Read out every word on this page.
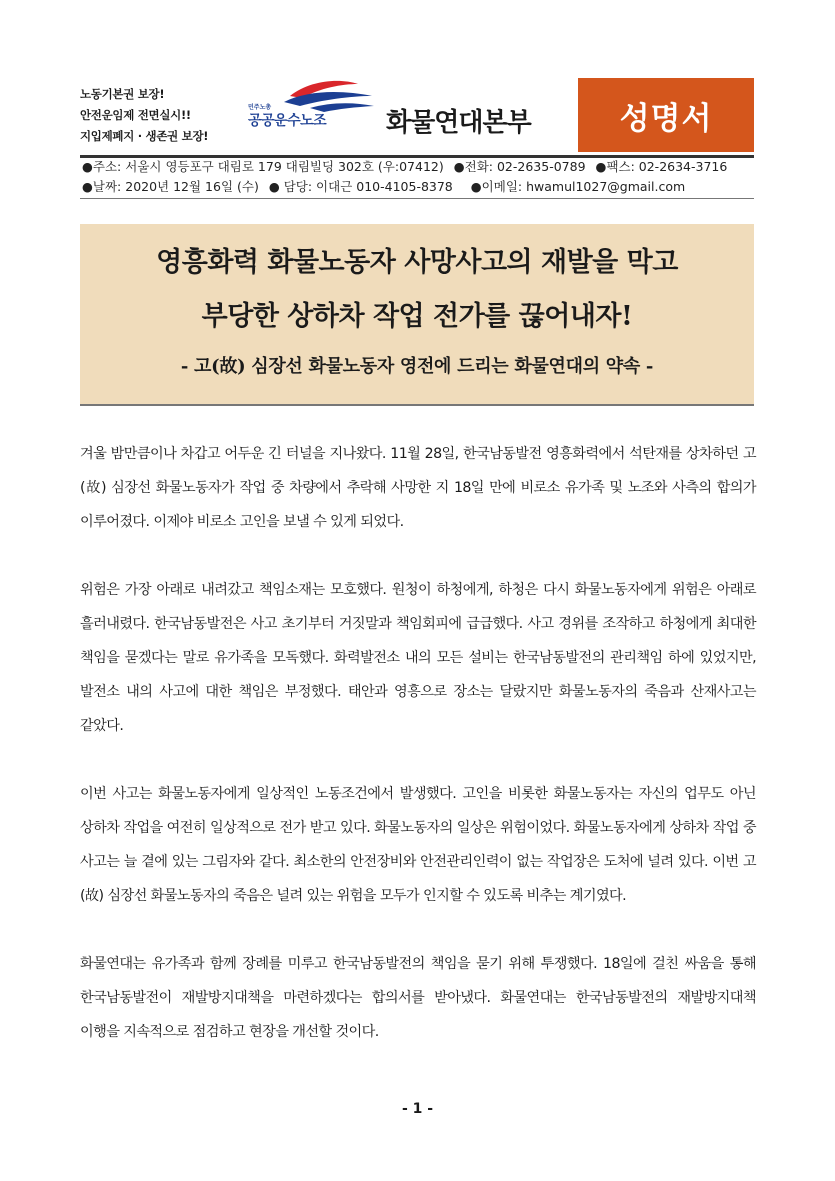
노동기본권 보장!
안전운임제 전면실시!!
지입제폐지 · 생존권 보장!
민주노총
공공운수노조 화물연대본부	성명서
●주소: 서울시 영등포구 대림로 179 대림빌딩 302호 (우:07412) ●전화: 02-2635-0789 ●팩스: 02-2634-3716
●날짜: 2020년 12월 16일 (수) ● 담당: 이대근 010-4105-8378 ●이메일: hwamul1027@gmail.com
영흥화력 화물노동자 사망사고의 재발을 막고
부당한 상하차 작업 전가를 끊어내자!
- 고(故) 심장선 화물노동자 영전에 드리는 화물연대의 약속 -

겨울 밤만큼이나 차갑고 어두운 긴 터널을 지나왔다. 11월 28일, 한국남동발전 영흥화력에서 석탄재를 상차하던 고(故) 심장선 화물노동자가 작업 중 차량에서 추락해 사망한 지 18일 만에 비로소 유가족 및 노조와 사측의 합의가 이루어졌다. 이제야 비로소 고인을 보낼 수 있게 되었다.

위험은 가장 아래로 내려갔고 책임소재는 모호했다. 원청이 하청에게, 하청은 다시 화물노동자에게 위험은 아래로 흘러내렸다. 한국남동발전은 사고 초기부터 거짓말과 책임회피에 급급했다. 사고 경위를 조작하고 하청에게 최대한 책임을 묻겠다는 말로 유가족을 모독했다. 화력발전소 내의 모든 설비는 한국남동발전의 관리책임 하에 있었지만, 발전소 내의 사고에 대한 책임은 부정했다. 태안과 영흥으로 장소는 달랐지만 화물노동자의 죽음과 산재사고는 같았다.

이번 사고는 화물노동자에게 일상적인 노동조건에서 발생했다. 고인을 비롯한 화물노동자는 자신의 업무도 아닌 상하차 작업을 여전히 일상적으로 전가 받고 있다. 화물노동자의 일상은 위험이었다. 화물노동자에게 상하차 작업 중 사고는 늘 곁에 있는 그림자와 같다. 최소한의 안전장비와 안전관리인력이 없는 작업장은 도처에 널려 있다. 이번 고(故) 심장선 화물노동자의 죽음은 널려 있는 위험을 모두가 인지할 수 있도록 비추는 계기였다.

화물연대는 유가족과 함께 장례를 미루고 한국남동발전의 책임을 묻기 위해 투쟁했다. 18일에 걸친 싸움을 통해 한국남동발전이 재발방지대책을 마련하겠다는 합의서를 받아냈다. 화물연대는 한국남동발전의 재발방지대책 이행을 지속적으로 점검하고 현장을 개선할 것이다.

- 1 -
